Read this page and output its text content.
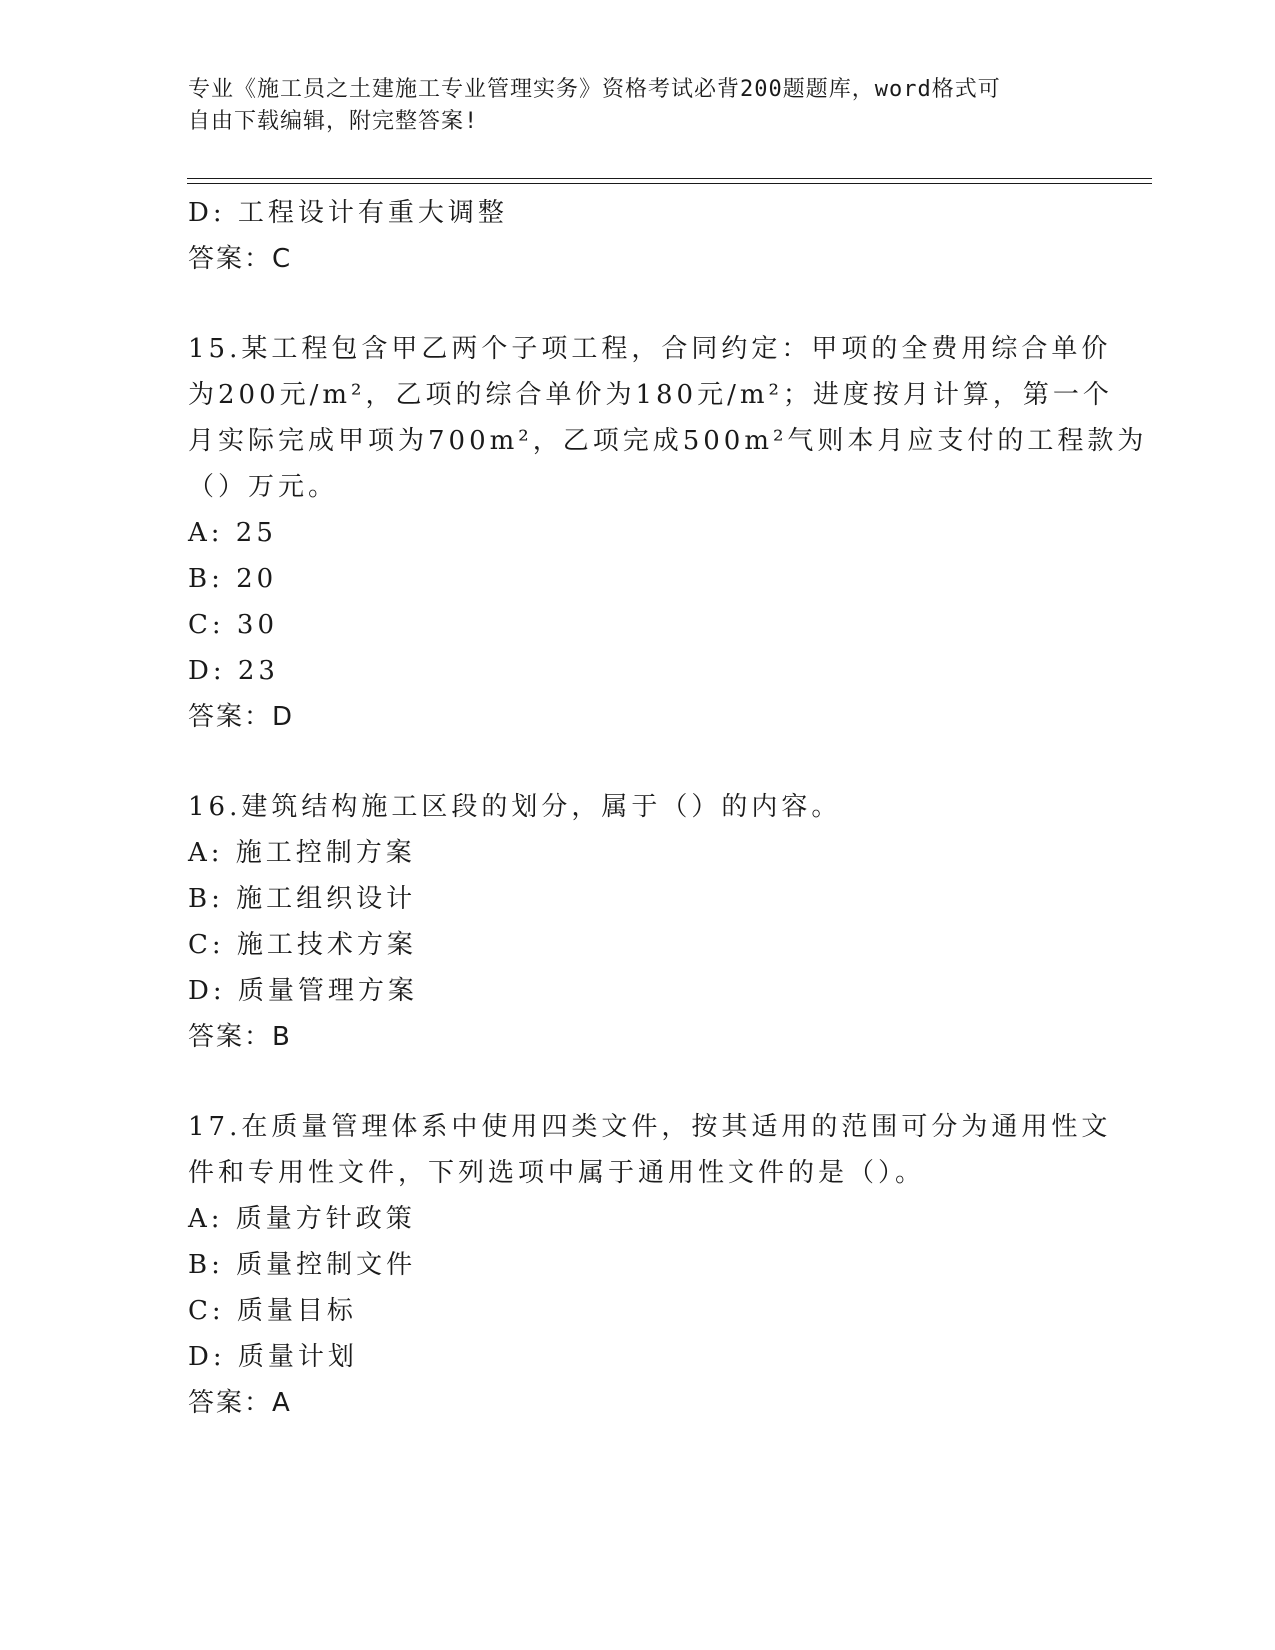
专业《施工员之土建施工专业管理实务》资格考试必背200题题库，word格式可
自由下载编辑，附完整答案!
D: 工程设计有重大调整
答案：C
15.某工程包含甲乙两个子项工程，合同约定：甲项的全费用综合单价
为200元/m²，乙项的综合单价为180元/m²；进度按月计算，第一个
月实际完成甲项为700m²，乙项完成500m²气则本月应支付的工程款为
（）万元。
A: 25
B: 20
C: 30
D: 23
答案：D
16.建筑结构施工区段的划分，属于（）的内容。
A: 施工控制方案
B: 施工组织设计
C: 施工技术方案
D: 质量管理方案
答案：B
17.在质量管理体系中使用四类文件，按其适用的范围可分为通用性文
件和专用性文件，下列选项中属于通用性文件的是（）。
A: 质量方针政策
B: 质量控制文件
C: 质量目标
D: 质量计划
答案：A
